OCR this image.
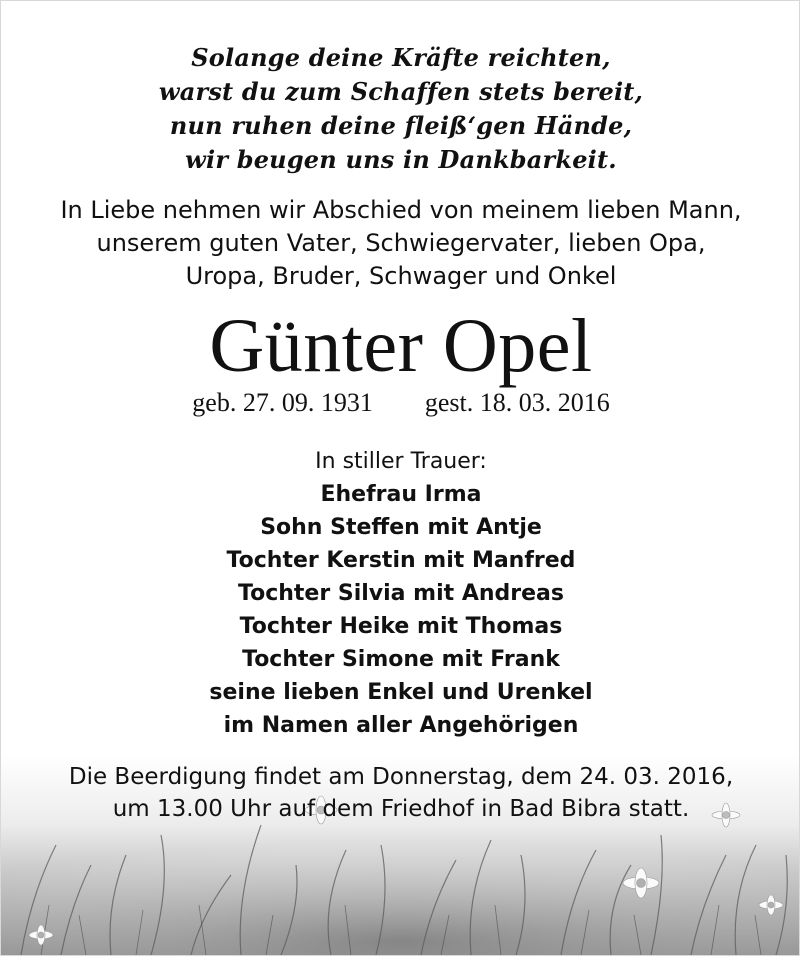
Solange deine Kräfte reichten,
warst du zum Schaffen stets bereit,
nun ruhen deine fleiß‘gen Hände,
wir beugen uns in Dankbarkeit.
In Liebe nehmen wir Abschied von meinem lieben Mann,
unserem guten Vater, Schwiegervater, lieben Opa,
Uropa, Bruder, Schwager und Onkel
Günter Opel
geb. 27. 09. 1931 gest. 18. 03. 2016
In stiller Trauer:
Ehefrau Irma
Sohn Steffen mit Antje
Tochter Kerstin mit Manfred
Tochter Silvia mit Andreas
Tochter Heike mit Thomas
Tochter Simone mit Frank
seine lieben Enkel und Urenkel
im Namen aller Angehörigen
Die Beerdigung findet am Donnerstag, dem 24. 03. 2016,
um 13.00 Uhr auf dem Friedhof in Bad Bibra statt.
